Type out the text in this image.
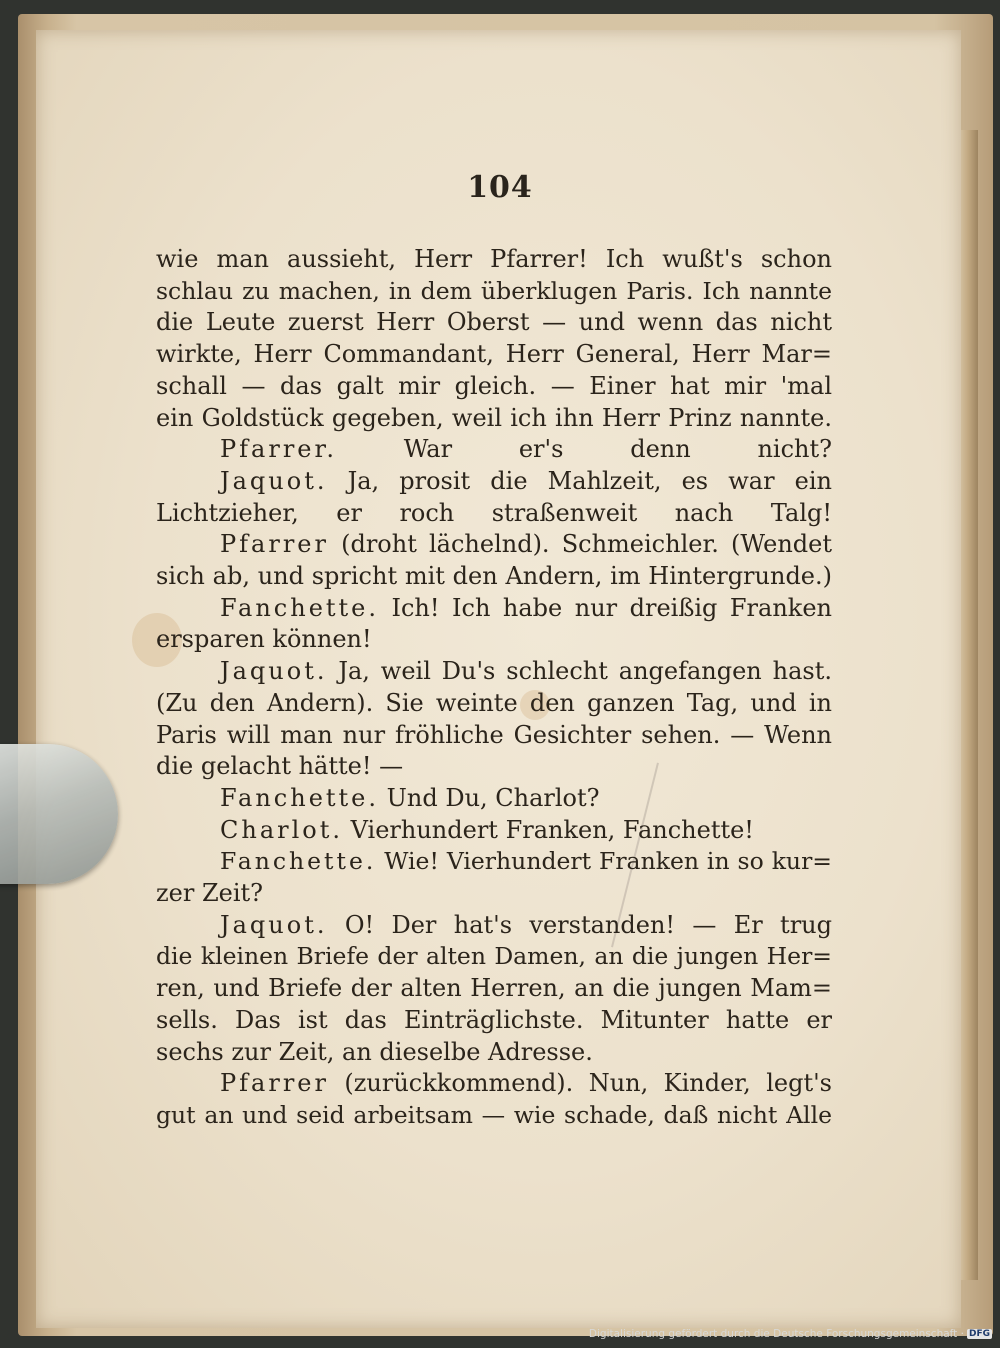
104
wie man aussieht, Herr Pfarrer! Ich wußt's schon
schlau zu machen, in dem überklugen Paris. Ich nannte
die Leute zuerst Herr Oberst — und wenn das nicht
wirkte, Herr Commandant, Herr General, Herr Mar=
schall — das galt mir gleich. — Einer hat mir 'mal
ein Goldstück gegeben, weil ich ihn Herr Prinz nannte.
Pfarrer. War er's denn nicht?
Jaquot. Ja, prosit die Mahlzeit, es war ein
Lichtzieher, er roch straßenweit nach Talg!
Pfarrer (droht lächelnd). Schmeichler. (Wendet
sich ab, und spricht mit den Andern, im Hintergrunde.)
Fanchette. Ich! Ich habe nur dreißig Franken
ersparen können!
Jaquot. Ja, weil Du's schlecht angefangen hast.
(Zu den Andern). Sie weinte den ganzen Tag, und in
Paris will man nur fröhliche Gesichter sehen. — Wenn
die gelacht hätte! —
Fanchette. Und Du, Charlot?
Charlot. Vierhundert Franken, Fanchette!
Fanchette. Wie! Vierhundert Franken in so kur=
zer Zeit?
Jaquot. O! Der hat's verstanden! — Er trug
die kleinen Briefe der alten Damen, an die jungen Her=
ren, und Briefe der alten Herren, an die jungen Mam=
sells. Das ist das Einträglichste. Mitunter hatte er
sechs zur Zeit, an dieselbe Adresse.
Pfarrer (zurückkommend). Nun, Kinder, legt's
gut an und seid arbeitsam — wie schade, daß nicht Alle
Digitalisierung gefördert durch die Deutsche Forschungsgemeinschaft · DFG
